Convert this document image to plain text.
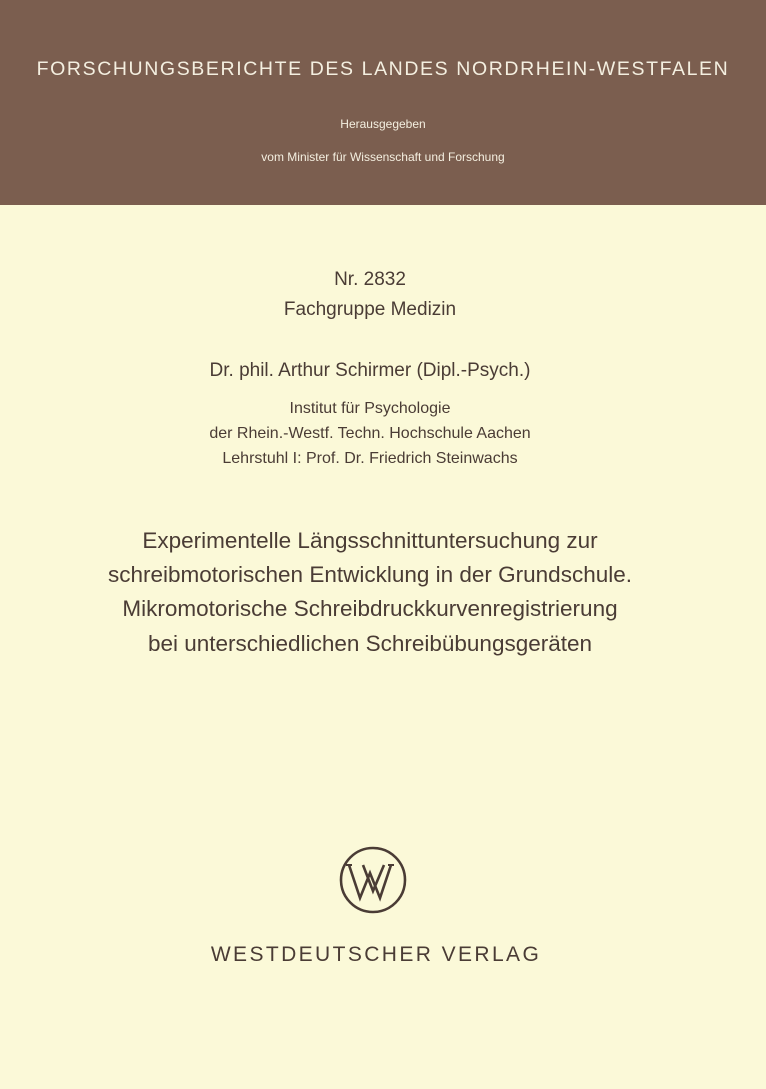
FORSCHUNGSBERICHTE DES LANDES NORDRHEIN-WESTFALEN
Herausgegeben
vom Minister für Wissenschaft und Forschung
Nr. 2832
Fachgruppe Medizin
Dr. phil. Arthur Schirmer (Dipl.-Psych.)
Institut für Psychologie
der Rhein.-Westf. Techn. Hochschule Aachen
Lehrstuhl I: Prof. Dr. Friedrich Steinwachs
Experimentelle Längsschnittuntersuchung zur
schreibmotorischen Entwicklung in der Grundschule.
Mikromotorische Schreibdruckkurvenregistrierung
bei unterschiedlichen Schreibübungsgeräten
WESTDEUTSCHER VERLAG
